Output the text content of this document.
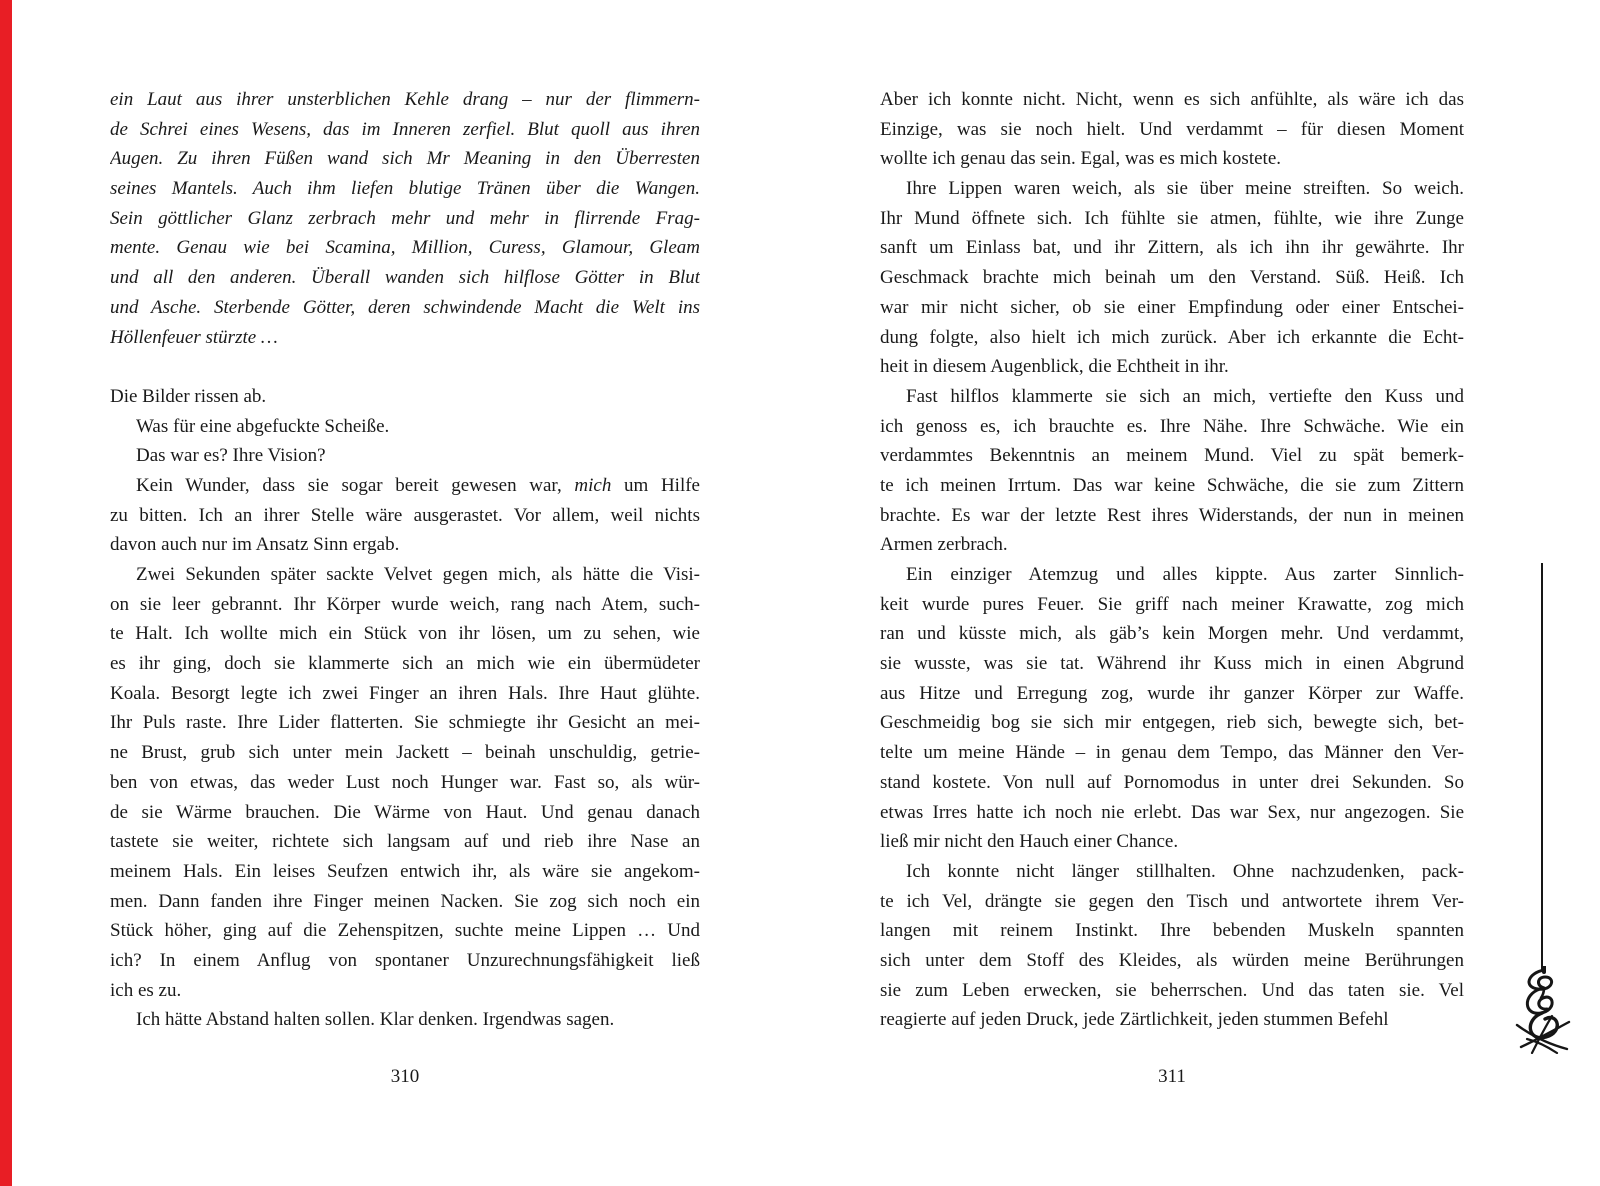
ein Laut aus ihrer unsterblichen Kehle drang – nur der flimmern-
de Schrei eines Wesens, das im Inneren zerfiel. Blut quoll aus ihren
Augen. Zu ihren Füßen wand sich Mr Meaning in den Überresten
seines Mantels. Auch ihm liefen blutige Tränen über die Wangen.
Sein göttlicher Glanz zerbrach mehr und mehr in flirrende Frag-
mente. Genau wie bei Scamina, Million, Curess, Glamour, Gleam
und all den anderen. Überall wanden sich hilflose Götter in Blut
und Asche. Sterbende Götter, deren schwindende Macht die Welt ins
Höllenfeuer stürzte …
Die Bilder rissen ab.
Was für eine abgefuckte Scheiße.
Das war es? Ihre Vision?
Kein Wunder, dass sie sogar bereit gewesen war, mich um Hilfe
zu bitten. Ich an ihrer Stelle wäre ausgerastet. Vor allem, weil nichts
davon auch nur im Ansatz Sinn ergab.
Zwei Sekunden später sackte Velvet gegen mich, als hätte die Visi-
on sie leer gebrannt. Ihr Körper wurde weich, rang nach Atem, such-
te Halt. Ich wollte mich ein Stück von ihr lösen, um zu sehen, wie
es ihr ging, doch sie klammerte sich an mich wie ein übermüdeter
Koala. Besorgt legte ich zwei Finger an ihren Hals. Ihre Haut glühte.
Ihr Puls raste. Ihre Lider flatterten. Sie schmiegte ihr Gesicht an mei-
ne Brust, grub sich unter mein Jackett – beinah unschuldig, getrie-
ben von etwas, das weder Lust noch Hunger war. Fast so, als wür-
de sie Wärme brauchen. Die Wärme von Haut. Und genau danach
tastete sie weiter, richtete sich langsam auf und rieb ihre Nase an
meinem Hals. Ein leises Seufzen entwich ihr, als wäre sie angekom-
men. Dann fanden ihre Finger meinen Nacken. Sie zog sich noch ein
Stück höher, ging auf die Zehenspitzen, suchte meine Lippen … Und
ich? In einem Anflug von spontaner Unzurechnungsfähigkeit ließ
ich es zu.
Ich hätte Abstand halten sollen. Klar denken. Irgendwas sagen.
Aber ich konnte nicht. Nicht, wenn es sich anfühlte, als wäre ich das
Einzige, was sie noch hielt. Und verdammt – für diesen Moment
wollte ich genau das sein. Egal, was es mich kostete.
Ihre Lippen waren weich, als sie über meine streiften. So weich.
Ihr Mund öffnete sich. Ich fühlte sie atmen, fühlte, wie ihre Zunge
sanft um Einlass bat, und ihr Zittern, als ich ihn ihr gewährte. Ihr
Geschmack brachte mich beinah um den Verstand. Süß. Heiß. Ich
war mir nicht sicher, ob sie einer Empfindung oder einer Entschei-
dung folgte, also hielt ich mich zurück. Aber ich erkannte die Echt-
heit in diesem Augenblick, die Echtheit in ihr.
Fast hilflos klammerte sie sich an mich, vertiefte den Kuss und
ich genoss es, ich brauchte es. Ihre Nähe. Ihre Schwäche. Wie ein
verdammtes Bekenntnis an meinem Mund. Viel zu spät bemerk-
te ich meinen Irrtum. Das war keine Schwäche, die sie zum Zittern
brachte. Es war der letzte Rest ihres Widerstands, der nun in meinen
Armen zerbrach.
Ein einziger Atemzug und alles kippte. Aus zarter Sinnlich-
keit wurde pures Feuer. Sie griff nach meiner Krawatte, zog mich
ran und küsste mich, als gäb’s kein Morgen mehr. Und verdammt,
sie wusste, was sie tat. Während ihr Kuss mich in einen Abgrund
aus Hitze und Erregung zog, wurde ihr ganzer Körper zur Waffe.
Geschmeidig bog sie sich mir entgegen, rieb sich, bewegte sich, bet-
telte um meine Hände – in genau dem Tempo, das Männer den Ver-
stand kostete. Von null auf Pornomodus in unter drei Sekunden. So
etwas Irres hatte ich noch nie erlebt. Das war Sex, nur angezogen. Sie
ließ mir nicht den Hauch einer Chance.
Ich konnte nicht länger stillhalten. Ohne nachzudenken, pack-
te ich Vel, drängte sie gegen den Tisch und antwortete ihrem Ver-
langen mit reinem Instinkt. Ihre bebenden Muskeln spannten
sich unter dem Stoff des Kleides, als würden meine Berührungen
sie zum Leben erwecken, sie beherrschen. Und das taten sie. Vel
reagierte auf jeden Druck, jede Zärtlichkeit, jeden stummen Befehl
310	311
